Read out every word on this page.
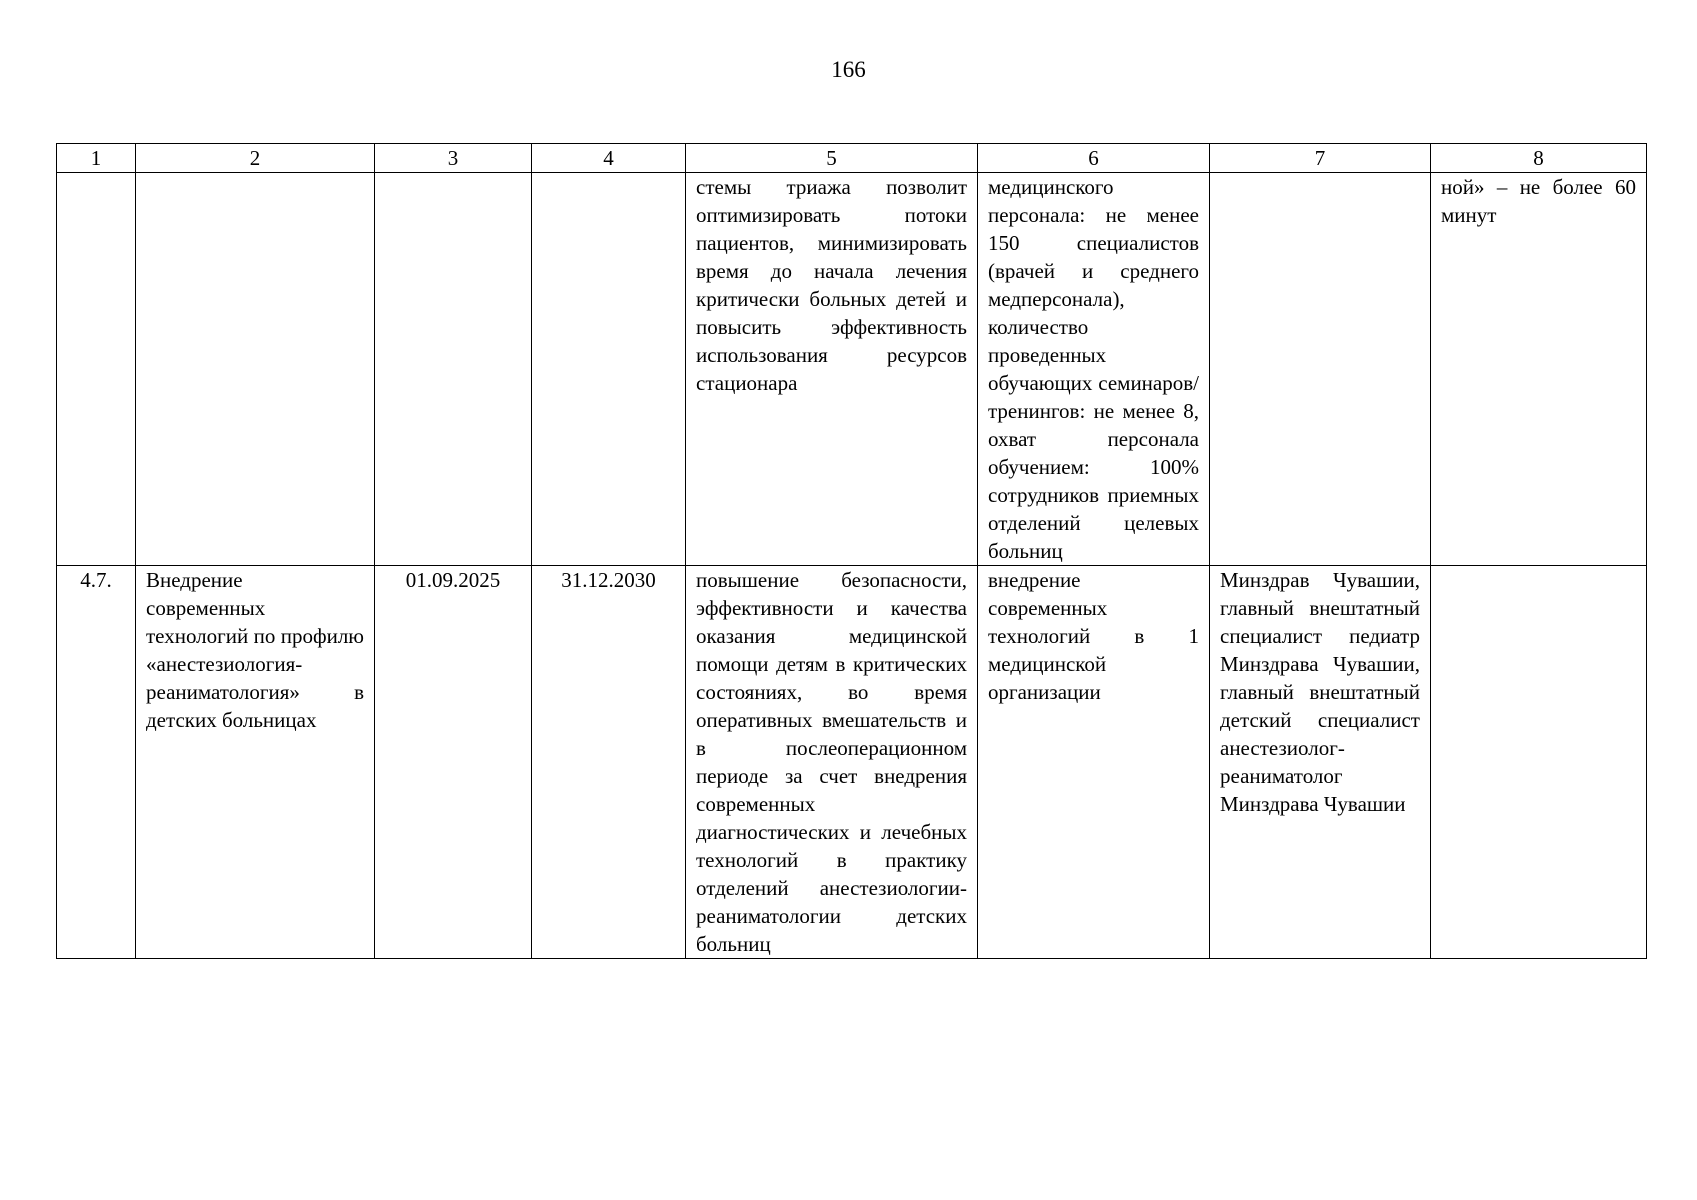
166
1	2	3	4	5	6	7	8
				стемы триажа позволит оптимизировать потоки пациентов, минимизировать время до начала лечения критически больных детей и повысить эффективность использования ресурсов стационара	медицинского персонала: не менее 150 специалистов (врачей и среднего медперсонала), количество проведенных обучающих семинаров/тренингов: не менее 8, охват персонала обучением: 100% сотрудников приемных отделений целевых больниц		ной» – не более 60 минут
4.7.	Внедрение современных технологий по профилю «анестезиология-реаниматология» в детских больницах	01.09.2025	31.12.2030	повышение безопасности, эффективности и качества оказания медицинской помощи детям в критических состояниях, во время оперативных вмешательств и в послеоперационном периоде за счет внедрения современных диагностических и лечебных технологий в практику отделений анестезиологии-реаниматологии детских больниц	внедрение современных технологий в 1 медицинской организации	Минздрав Чувашии, главный внештатный специалист педиатр Минздрава Чувашии, главный внештатный детский специалист анестезиолог-реаниматолог Минздрава Чувашии	
